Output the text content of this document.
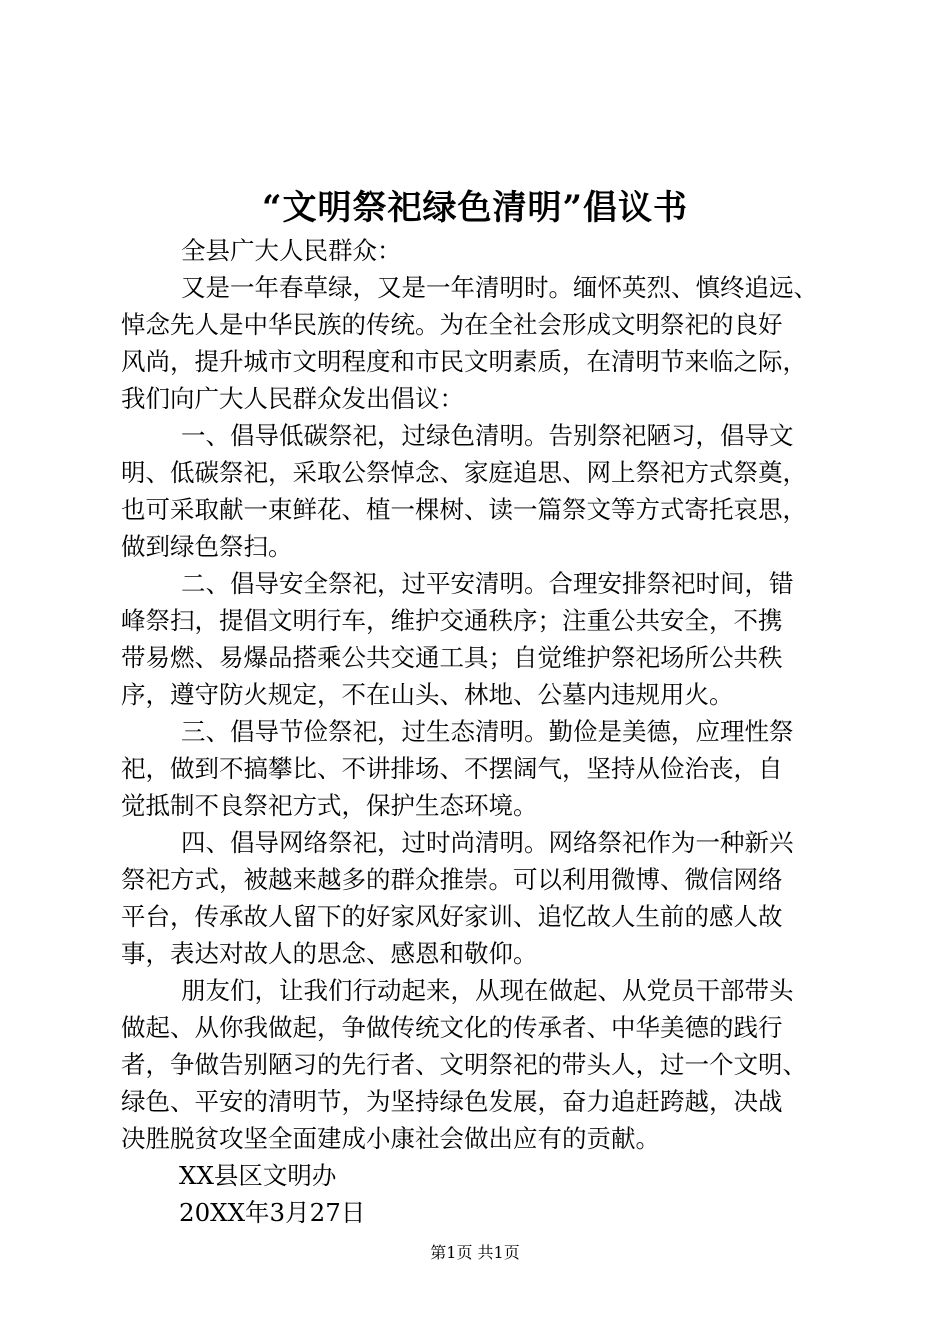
“文明祭祀绿色清明”倡议书
全县广大人民群众：
又是一年春草绿，又是一年清明时。缅怀英烈、慎终追远、
悼念先人是中华民族的传统。为在全社会形成文明祭祀的良好
风尚，提升城市文明程度和市民文明素质，在清明节来临之际，
我们向广大人民群众发出倡议：
一、倡导低碳祭祀，过绿色清明。告别祭祀陋习，倡导文
明、低碳祭祀，采取公祭悼念、家庭追思、网上祭祀方式祭奠，
也可采取献一束鲜花、植一棵树、读一篇祭文等方式寄托哀思，
做到绿色祭扫。
二、倡导安全祭祀，过平安清明。合理安排祭祀时间，错
峰祭扫，提倡文明行车，维护交通秩序；注重公共安全，不携
带易燃、易爆品搭乘公共交通工具；自觉维护祭祀场所公共秩
序，遵守防火规定，不在山头、林地、公墓内违规用火。
三、倡导节俭祭祀，过生态清明。勤俭是美德，应理性祭
祀，做到不搞攀比、不讲排场、不摆阔气，坚持从俭治丧，自
觉抵制不良祭祀方式，保护生态环境。
四、倡导网络祭祀，过时尚清明。网络祭祀作为一种新兴
祭祀方式，被越来越多的群众推崇。可以利用微博、微信网络
平台，传承故人留下的好家风好家训、追忆故人生前的感人故
事，表达对故人的思念、感恩和敬仰。
朋友们，让我们行动起来，从现在做起、从党员干部带头
做起、从你我做起，争做传统文化的传承者、中华美德的践行
者，争做告别陋习的先行者、文明祭祀的带头人，过一个文明、
绿色、平安的清明节，为坚持绿色发展，奋力追赶跨越，决战
决胜脱贫攻坚全面建成小康社会做出应有的贡献。
XX县区文明办
20XX年3月27日
第1页 共1页
